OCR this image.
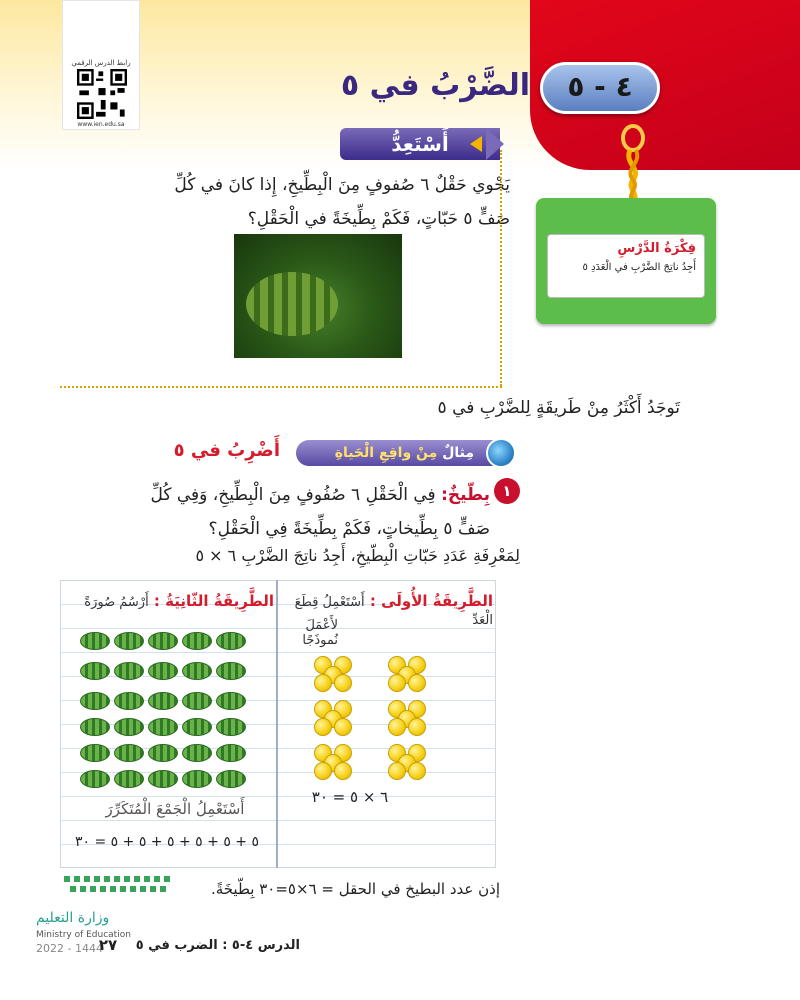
رابط الدرس الرقمي
www.ien.edu.sa
٤ - ٥
الضَّرْبُ في ٥
أَسْتَعِدُّ
يَحْوي حَقْلٌ ٦ صُفوفٍ مِنَ الْبِطِّيخِ، إِذا كانَ في كُلِّ صَفٍّ ٥ حَبّاتٍ، فَكَمْ بِطِّيخَةً في الْحَقْلِ؟
فِكْرَةُ الدَّرْسِ
أَجِدُ ناتِجَ الضَّرْبِ في الْعَدَدِ ٥
تَوجَدُ أَكْثَرُ مِنْ طَريقَةٍ لِلضَّرْبِ في ٥
مِثالٌ مِنْ واقِعِ الْحَياةِ
أَضْرِبُ في ٥
١
بِطّيخٌ: فِي الْحَقْلِ ٦ صُفُوفٍ مِنَ الْبِطِّيخِ، وَفِي كُلِّ صَفٍّ ٥ بِطِّيخاتٍ، فَكَمْ بِطِّيخَةً فِي الْحَقْلِ؟
لِمَعْرِفَةِ عَدَدِ حَبّاتِ الْبِطّيخِ، أَجِدُ ناتِجَ الضَّرْبِ ٦ × ٥
الطَّرِيقَةُ الأُولَى : أَسْتَعْمِلُ قِطَعَ الْعَدِّ
لأَعْمَلَ نُموذَجًا
الطَّرِيقَةُ الثّانِيَةُ : أَرْسُمُ صُورَةً
٦ × ٥ = ٣٠
أَسْتَعْمِلُ الْجَمْعَ الْمُتَكَرِّرَ
٥ + ٥ + ٥ + ٥ + ٥ + ٥ = ٣٠
إذن عدد البطيخ في الحقل = ٦×٥=٣٠ بِطّيخَةً.
وزارة التعليم
Ministry of Education
2022 - 1444	الدرس ٤-٥ : الضرب في ٥
٢٧
